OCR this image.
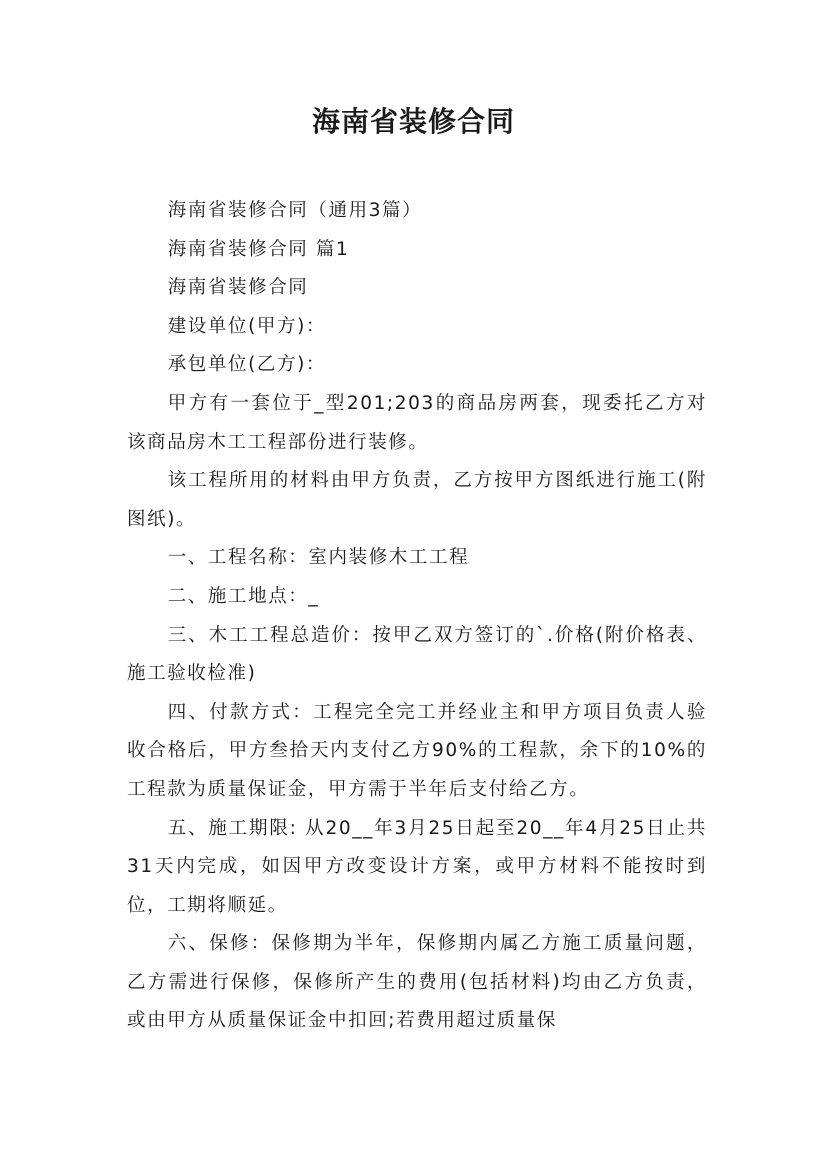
海南省装修合同

海南省装修合同（通用3篇）

海南省装修合同 篇1

海南省装修合同

建设单位(甲方)：

承包单位(乙方)：

甲方有一套位于_型201;203的商品房两套，现委托乙方对该商品房木工工程部份进行装修。

该工程所用的材料由甲方负责，乙方按甲方图纸进行施工(附图纸)。

一、工程名称：室内装修木工工程

二、施工地点：_

三、木工工程总造价：按甲乙双方签订的`.价格(附价格表、施工验收检准)

四、付款方式：工程完全完工并经业主和甲方项目负责人验收合格后，甲方叁拾天内支付乙方90%的工程款，余下的10%的工程款为质量保证金，甲方需于半年后支付给乙方。

五、施工期限: 从20__年3月25日起至20__年4月25日止共31天内完成，如因甲方改变设计方案，或甲方材料不能按时到位，工期将顺延。

六、保修：保修期为半年，保修期内属乙方施工质量问题，乙方需进行保修，保修所产生的费用(包括材料)均由乙方负责，或由甲方从质量保证金中扣回;若费用超过质量保
